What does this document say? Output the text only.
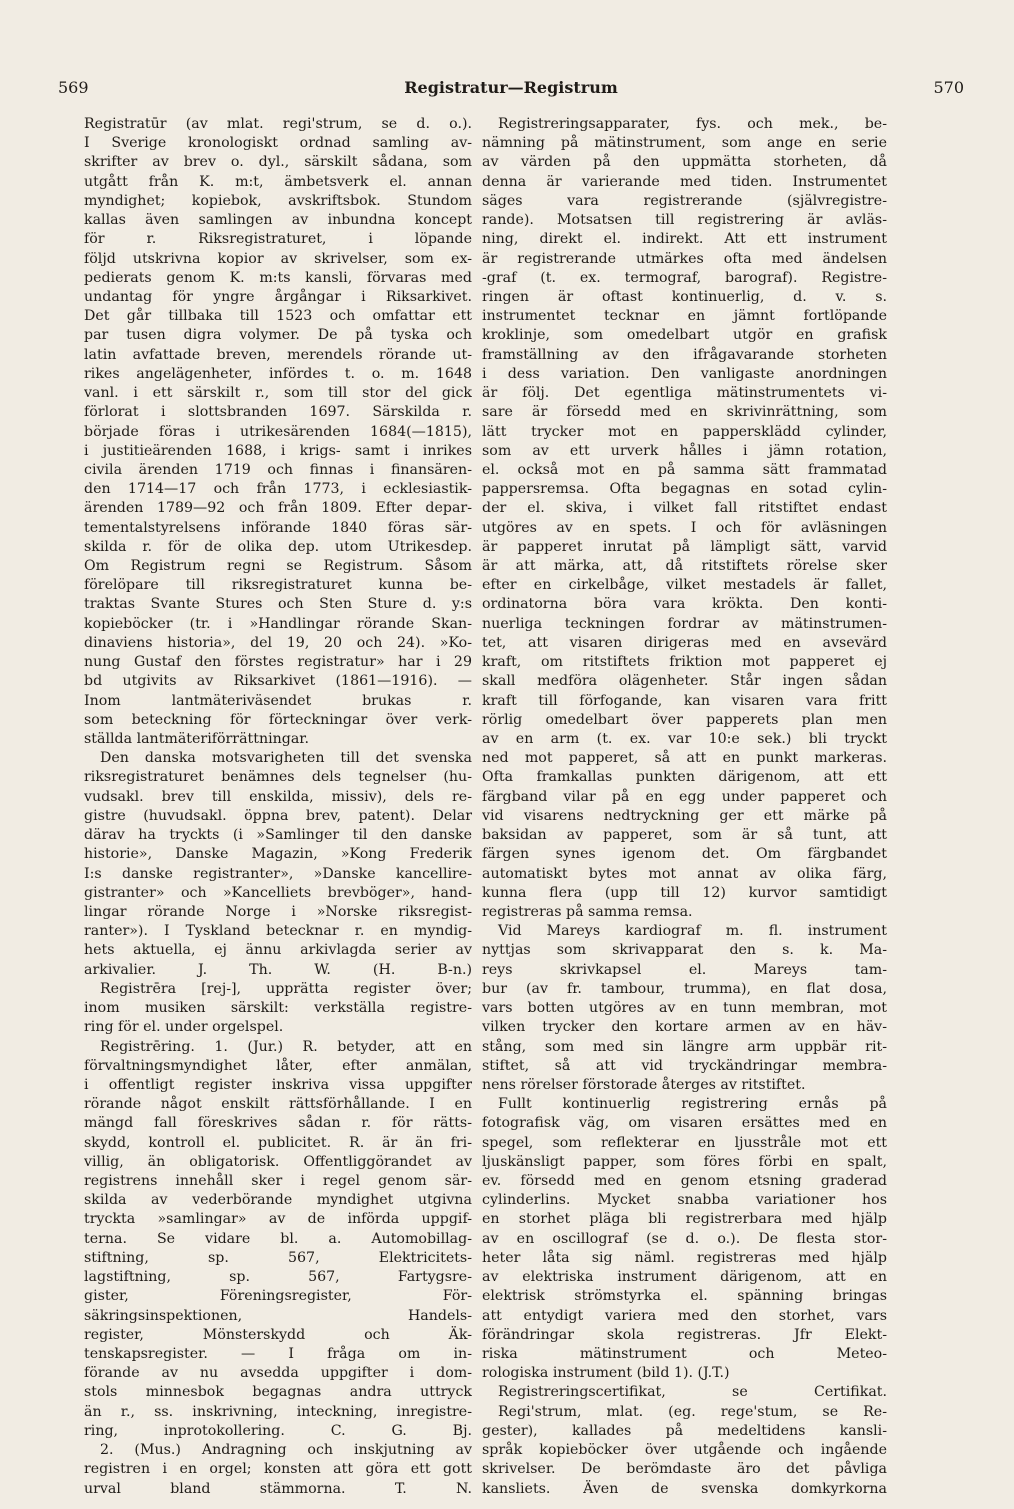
569	Registratur—Registrum	570
Registratūr (av mlat. regi'strum, se d. o.).
I Sverige kronologiskt ordnad samling av-
skrifter av brev o. dyl., särskilt sådana, som
utgått från K. m:t, ämbetsverk el. annan
myndighet; kopiebok, avskriftsbok. Stundom
kallas även samlingen av inbundna koncept
för r. Riksregistraturet, i löpande
följd utskrivna kopior av skrivelser, som ex-
pedierats genom K. m:ts kansli, förvaras med
undantag för yngre årgångar i Riksarkivet.
Det går tillbaka till 1523 och omfattar ett
par tusen digra volymer. De på tyska och
latin avfattade breven, merendels rörande ut-
rikes angelägenheter, infördes t. o. m. 1648
vanl. i ett särskilt r., som till stor del gick
förlorat i slottsbranden 1697. Särskilda r.
började föras i utrikesärenden 1684(—1815),
i justitieärenden 1688, i krigs- samt i inrikes
civila ärenden 1719 och finnas i finansären-
den 1714—17 och från 1773, i ecklesiastik-
ärenden 1789—92 och från 1809. Efter depar-
tementalstyrelsens införande 1840 föras sär-
skilda r. för de olika dep. utom Utrikesdep.
Om Registrum regni se Registrum. Såsom
förelöpare till riksregistraturet kunna be-
traktas Svante Stures och Sten Sture d. y:s
kopieböcker (tr. i »Handlingar rörande Skan-
dinaviens historia», del 19, 20 och 24). »Ko-
nung Gustaf den förstes registratur» har i 29
bd utgivits av Riksarkivet (1861—1916). —
Inom lantmäteriväsendet brukas r.
som beteckning för förteckningar över verk-
ställda lantmäteriförrättningar.
Den danska motsvarigheten till det svenska
riksregistraturet benämnes dels tegnelser (hu-
vudsakl. brev till enskilda, missiv), dels re-
gistre (huvudsakl. öppna brev, patent). Delar
därav ha tryckts (i »Samlinger til den danske
historie», Danske Magazin, »Kong Frederik
I:s danske registranter», »Danske kancellire-
gistranter» och »Kancelliets brevböger», hand-
lingar rörande Norge i »Norske riksregist-
ranter»). I Tyskland betecknar r. en myndig-
hets aktuella, ej ännu arkivlagda serier av
arkivalier. J. Th. W. (H. B-n.)
Registrēra [rej-], upprätta register över;
inom musiken särskilt: verkställa registre-
ring för el. under orgelspel.
Registrēring. 1. (Jur.) R. betyder, att en
förvaltningsmyndighet låter, efter anmälan,
i offentligt register inskriva vissa uppgifter
rörande något enskilt rättsförhållande. I en
mängd fall föreskrives sådan r. för rätts-
skydd, kontroll el. publicitet. R. är än fri-
villig, än obligatorisk. Offentliggörandet av
registrens innehåll sker i regel genom sär-
skilda av vederbörande myndighet utgivna
tryckta »samlingar» av de införda uppgif-
terna. Se vidare bl. a. Automobillag-
stiftning, sp. 567, Elektricitets-
lagstiftning, sp. 567, Fartygsre-
gister, Föreningsregister, För-
säkringsinspektionen, Handels-
register, Mönsterskydd och Äk-
tenskapsregister. — I fråga om in-
förande av nu avsedda uppgifter i dom-
stols minnesbok begagnas andra uttryck
än r., ss. inskrivning, inteckning, inregistre-
ring, inprotokollering. C. G. Bj.
2. (Mus.) Andragning och inskjutning av
registren i en orgel; konsten att göra ett gott
urval bland stämmorna. T. N.
Registreringsapparater, fys. och mek., be-
nämning på mätinstrument, som ange en serie
av värden på den uppmätta storheten, då
denna är varierande med tiden. Instrumentet
säges vara registrerande (självregistre-
rande). Motsatsen till registrering är avläs-
ning, direkt el. indirekt. Att ett instrument
är registrerande utmärkes ofta med ändelsen
-graf (t. ex. termograf, barograf). Registre-
ringen är oftast kontinuerlig, d. v. s.
instrumentet tecknar en jämnt fortlöpande
kroklinje, som omedelbart utgör en grafisk
framställning av den ifrågavarande storheten
i dess variation. Den vanligaste anordningen
är följ. Det egentliga mätinstrumentets vi-
sare är försedd med en skrivinrättning, som
lätt trycker mot en pappersklädd cylinder,
som av ett urverk hålles i jämn rotation,
el. också mot en på samma sätt frammatad
pappersremsa. Ofta begagnas en sotad cylin-
der el. skiva, i vilket fall ritstiftet endast
utgöres av en spets. I och för avläsningen
är papperet inrutat på lämpligt sätt, varvid
är att märka, att, då ritstiftets rörelse sker
efter en cirkelbåge, vilket mestadels är fallet,
ordinatorna böra vara krökta. Den konti-
nuerliga teckningen fordrar av mätinstrumen-
tet, att visaren dirigeras med en avsevärd
kraft, om ritstiftets friktion mot papperet ej
skall medföra olägenheter. Står ingen sådan
kraft till förfogande, kan visaren vara fritt
rörlig omedelbart över papperets plan men
av en arm (t. ex. var 10:e sek.) bli tryckt
ned mot papperet, så att en punkt markeras.
Ofta framkallas punkten därigenom, att ett
färgband vilar på en egg under papperet och
vid visarens nedtryckning ger ett märke på
baksidan av papperet, som är så tunt, att
färgen synes igenom det. Om färgbandet
automatiskt bytes mot annat av olika färg,
kunna flera (upp till 12) kurvor samtidigt
registreras på samma remsa.
Vid Mareys kardiograf m. fl. instrument
nyttjas som skrivapparat den s. k. Ma-
reys skrivkapsel el. Mareys tam-
bur (av fr. tambour, trumma), en flat dosa,
vars botten utgöres av en tunn membran, mot
vilken trycker den kortare armen av en häv-
stång, som med sin längre arm uppbär rit-
stiftet, så att vid tryckändringar membra-
nens rörelser förstorade återges av ritstiftet.
Fullt kontinuerlig registrering ernås på
fotografisk väg, om visaren ersättes med en
spegel, som reflekterar en ljusstråle mot ett
ljuskänsligt papper, som föres förbi en spalt,
ev. försedd med en genom etsning graderad
cylinderlins. Mycket snabba variationer hos
en storhet pläga bli registrerbara med hjälp
av en oscillograf (se d. o.). De flesta stor-
heter låta sig näml. registreras med hjälp
av elektriska instrument därigenom, att en
elektrisk strömstyrka el. spänning bringas
att entydigt variera med den storhet, vars
förändringar skola registreras. Jfr Elekt-
riska mätinstrument och Meteo-
rologiska instrument (bild 1). (J.T.)
Registreringscertifikat, se Certifikat.
Regi'strum, mlat. (eg. rege'stum, se Re-
gester), kallades på medeltidens kansli-
språk kopieböcker över utgående och ingående
skrivelser. De berömdaste äro det påvliga
kansliets. Även de svenska domkyrkorna
